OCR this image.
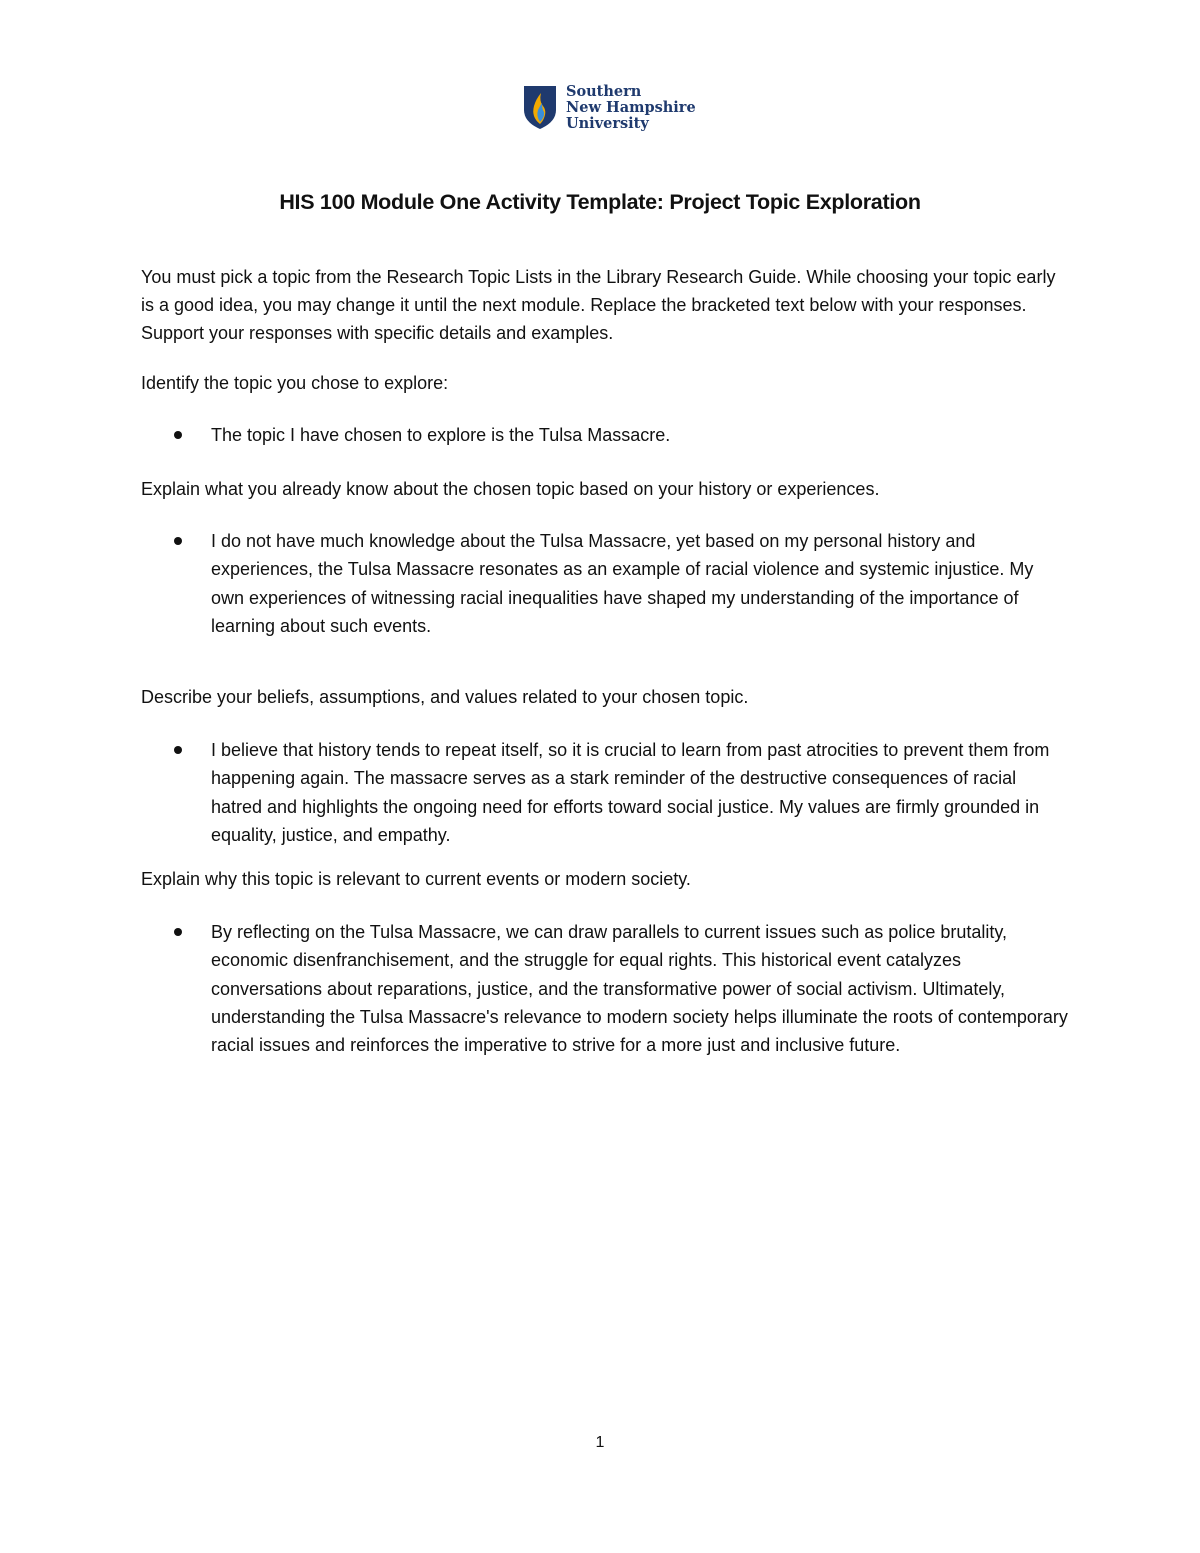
Southern
New Hampshire
University
HIS 100 Module One Activity Template: Project Topic Exploration
You must pick a topic from the Research Topic Lists in the Library Research Guide. While choosing your topic early is a good idea, you may change it until the next module. Replace the bracketed text below with your responses. Support your responses with specific details and examples.
Identify the topic you chose to explore:
The topic I have chosen to explore is the Tulsa Massacre.
Explain what you already know about the chosen topic based on your history or experiences.
I do not have much knowledge about the Tulsa Massacre, yet based on my personal history and experiences, the Tulsa Massacre resonates as an example of racial violence and systemic injustice. My own experiences of witnessing racial inequalities have shaped my understanding of the importance of learning about such events.
Describe your beliefs, assumptions, and values related to your chosen topic.
I believe that history tends to repeat itself, so it is crucial to learn from past atrocities to prevent them from happening again. The massacre serves as a stark reminder of the destructive consequences of racial hatred and highlights the ongoing need for efforts toward social justice. My values are firmly grounded in equality, justice, and empathy.
Explain why this topic is relevant to current events or modern society.
By reflecting on the Tulsa Massacre, we can draw parallels to current issues such as police brutality, economic disenfranchisement, and the struggle for equal rights. This historical event catalyzes conversations about reparations, justice, and the transformative power of social activism. Ultimately, understanding the Tulsa Massacre's relevance to modern society helps illuminate the roots of contemporary racial issues and reinforces the imperative to strive for a more just and inclusive future.
1
